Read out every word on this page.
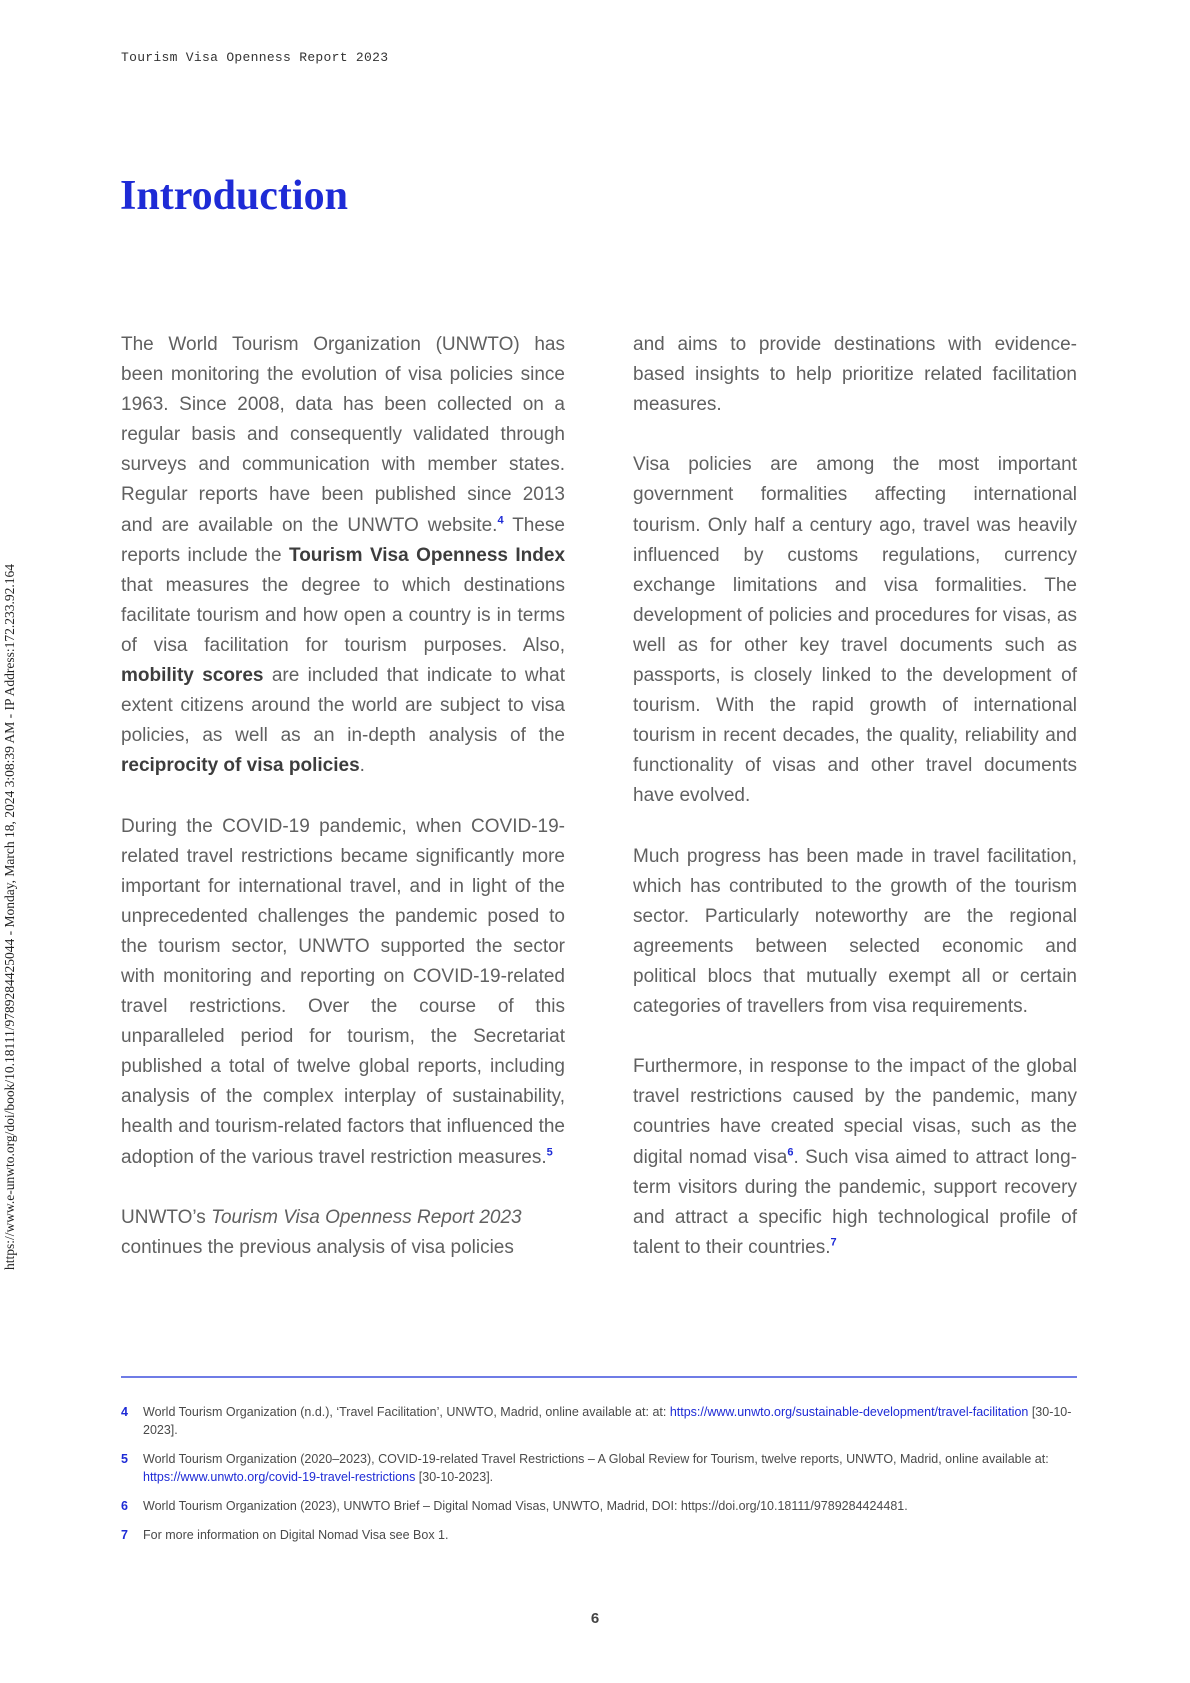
Tourism Visa Openness Report 2023
Introduction
https://www.e-unwto.org/doi/book/10.18111/9789284425044 - Monday, March 18, 2024 3:08:39 AM - IP Address:172.233.92.164

The World Tourism Organization (UNWTO) has been monitoring the evolution of visa policies since 1963. Since 2008, data has been collected on a regular basis and consequently validated through surveys and communication with member states. Regular reports have been published since 2013 and are available on the UNWTO website.$^4$ These reports include the Tourism Visa Openness Index that measures the degree to which destinations facilitate tourism and how open a country is in terms of visa facilitation for tourism purposes. Also, mobility scores are included that indicate to what extent citizens around the world are subject to visa policies, as well as an in-depth analysis of the reciprocity of visa policies.

During the COVID-19 pandemic, when COVID-19-related travel restrictions became significantly more important for international travel, and in light of the unprecedented challenges the pandemic posed to the tourism sector, UNWTO supported the sector with monitoring and reporting on COVID-19-related travel restrictions. Over the course of this unparalleled period for tourism, the Secretariat published a total of twelve global reports, including analysis of the complex interplay of sustainability, health and tourism-related factors that influenced the adoption of the various travel restriction measures.$^5$

UNWTO’s Tourism Visa Openness Report 2023 continues the previous analysis of visa policies

and aims to provide destinations with evidence-based insights to help prioritize related facilitation measures.

Visa policies are among the most important government formalities affecting international tourism. Only half a century ago, travel was heavily influenced by customs regulations, currency exchange limitations and visa formalities. The development of policies and procedures for visas, as well as for other key travel documents such as passports, is closely linked to the development of tourism. With the rapid growth of international tourism in recent decades, the quality, reliability and functionality of visas and other travel documents have evolved.

Much progress has been made in travel facilitation, which has contributed to the growth of the tourism sector. Particularly noteworthy are the regional agreements between selected economic and political blocs that mutually exempt all or certain categories of travellers from visa requirements.

Furthermore, in response to the impact of the global travel restrictions caused by the pandemic, many countries have created special visas, such as the digital nomad visa$^6$. Such visa aimed to attract long-term visitors during the pandemic, support recovery and attract a specific high technological profile of talent to their countries.$^7$

4	World Tourism Organization (n.d.), ‘Travel Facilitation’, UNWTO, Madrid, online available at: at: https://www.unwto.org/sustainable-development/travel-facilitation [30-10-2023].
5	World Tourism Organization (2020–2023), COVID-19-related Travel Restrictions – A Global Review for Tourism, twelve reports, UNWTO, Madrid, online available at: https://www.unwto.org/covid-19-travel-restrictions [30-10-2023].
6	World Tourism Organization (2023), UNWTO Brief – Digital Nomad Visas, UNWTO, Madrid, DOI: https://doi.org/10.18111/9789284424481.
7	For more information on Digital Nomad Visa see Box 1.
6
